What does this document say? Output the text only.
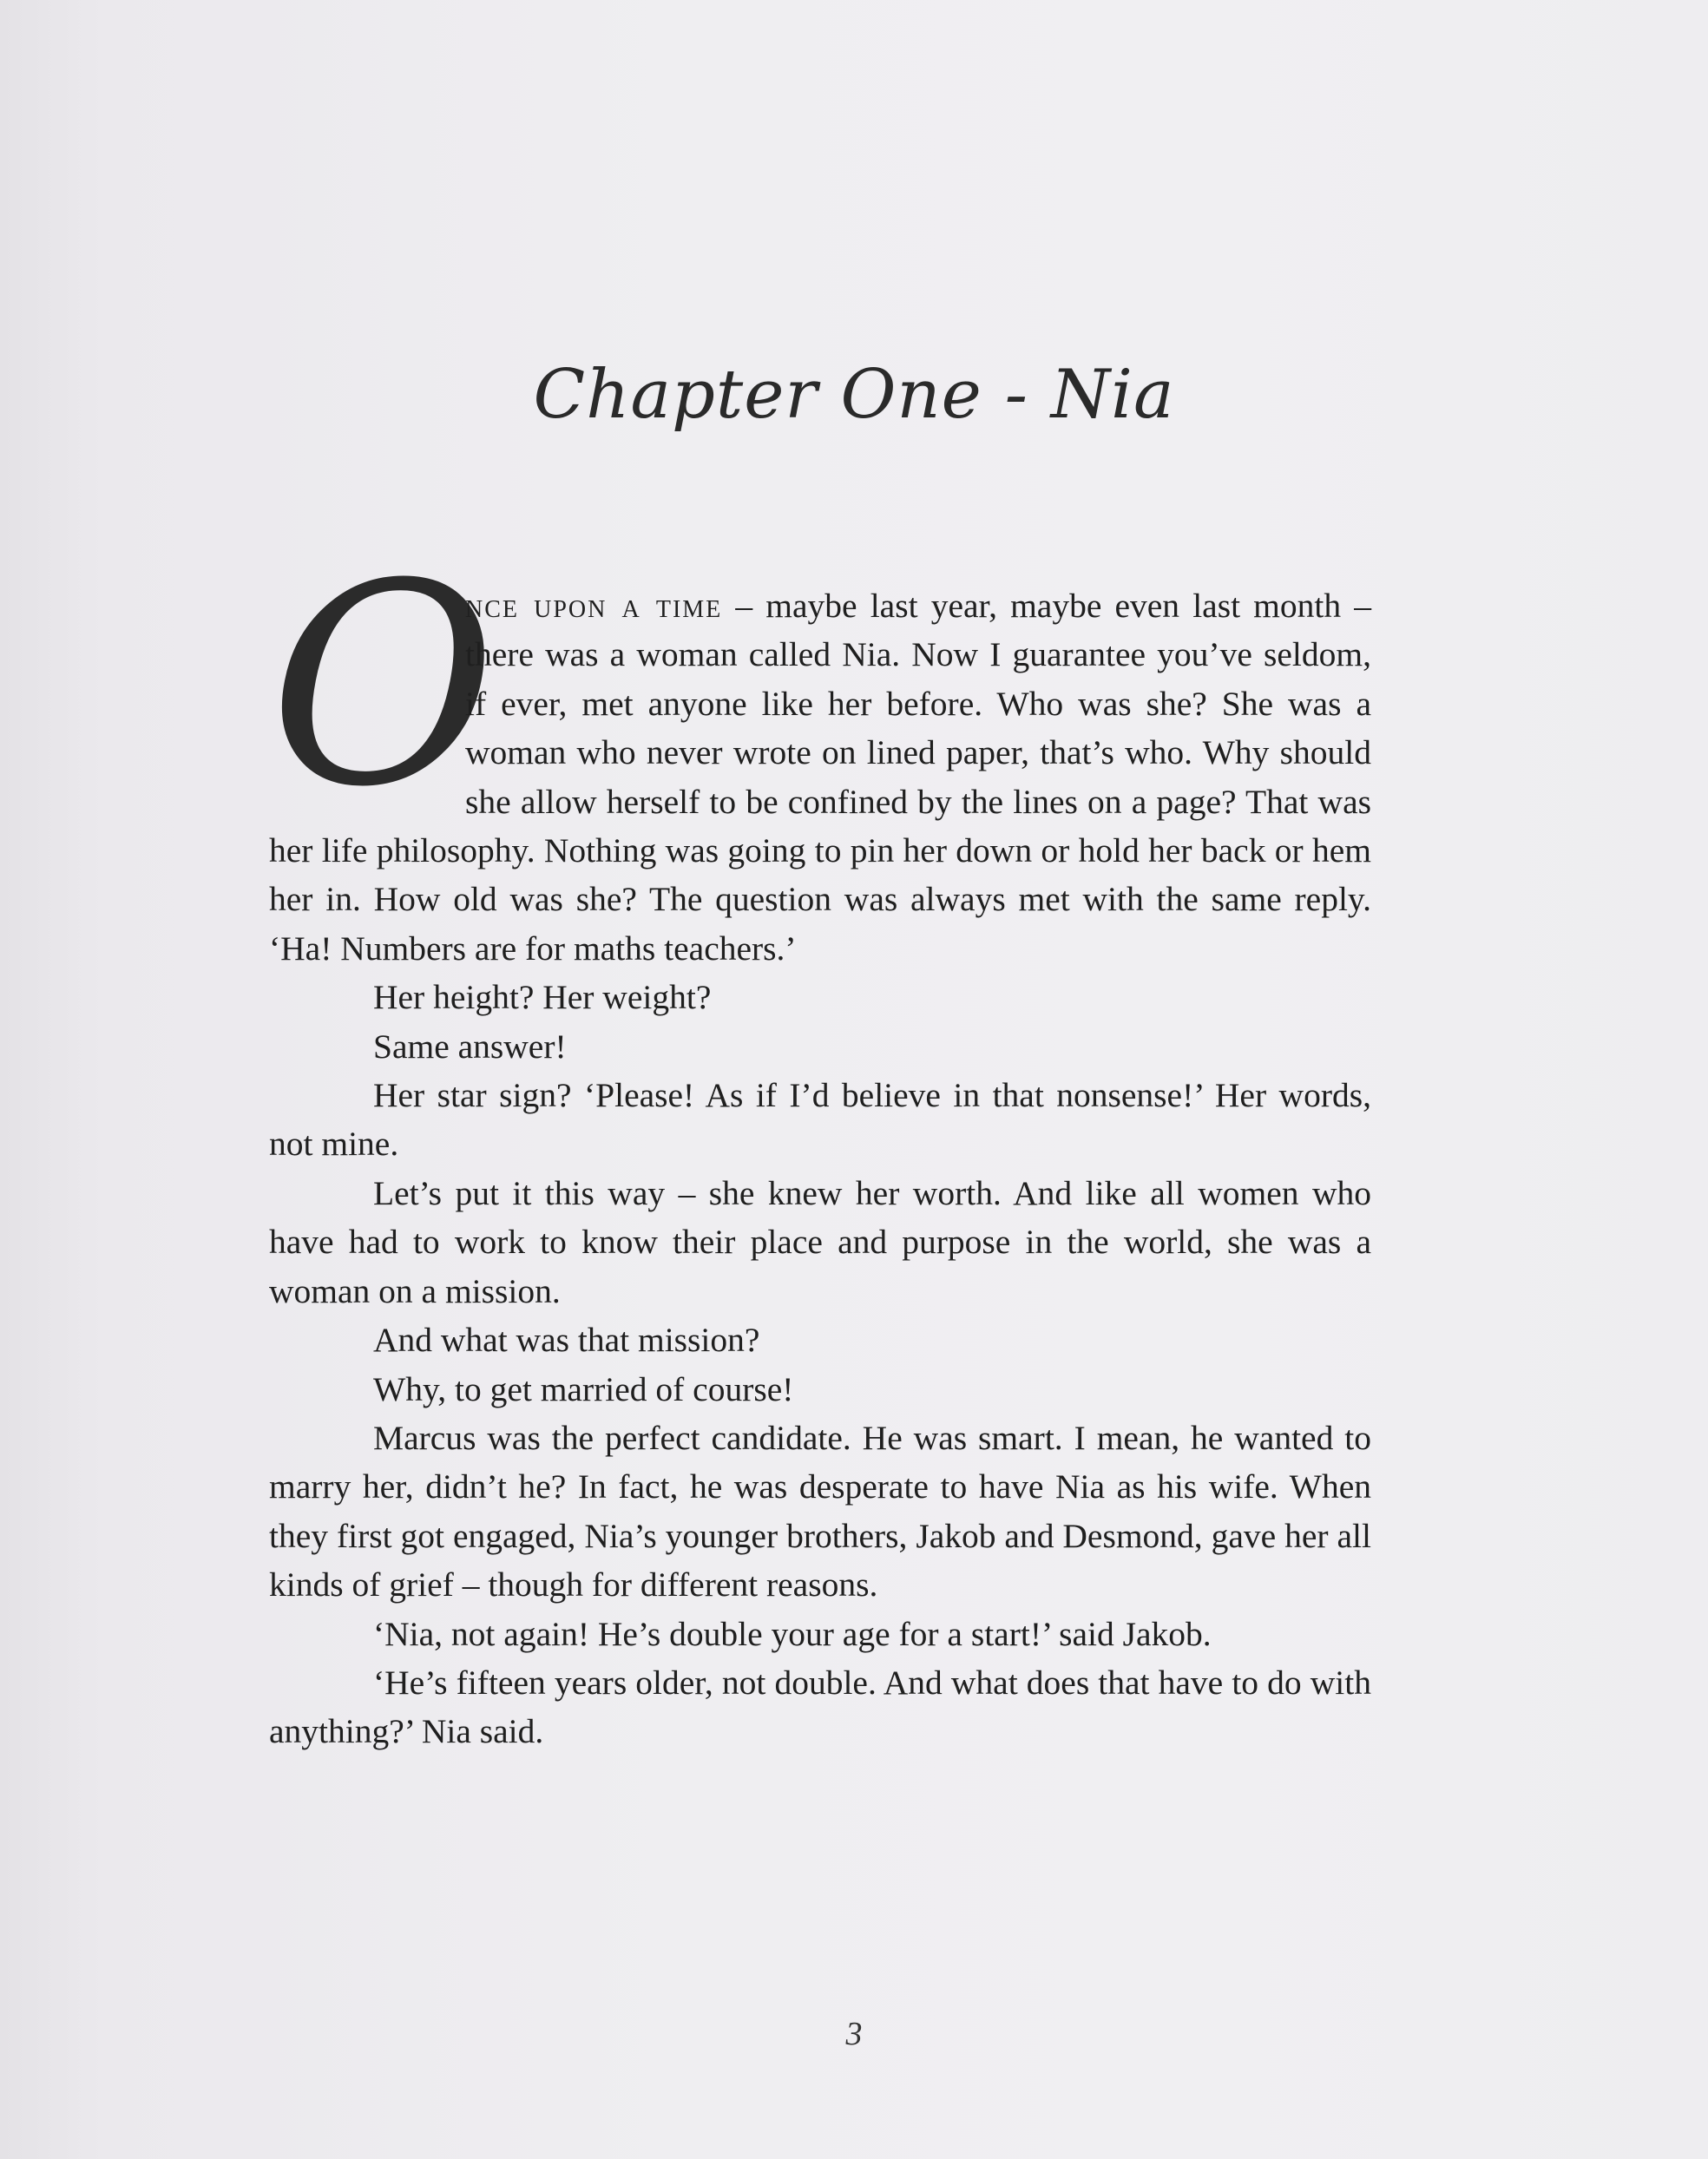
Chapter One - Nia

O
nce upon a time – maybe last year, maybe even last month – there was a woman called Nia. Now I guarantee you’ve seldom, if ever, met anyone like her before. Who was she? She was a woman who never wrote on lined paper, that’s who. Why should she allow herself to be confined by the lines on a page? That was her life philosophy. Nothing was going to pin her down or hold her back or hem her in. How old was she? The question was always met with the same reply. ‘Ha! Numbers are for maths teachers.’

Her height? Her weight?

Same answer!

Her star sign? ‘Please! As if I’d believe in that nonsense!’ Her words, not mine.

Let’s put it this way – she knew her worth. And like all women who have had to work to know their place and purpose in the world, she was a woman on a mission.

And what was that mission?

Why, to get married of course!

Marcus was the perfect candidate. He was smart. I mean, he wanted to marry her, didn’t he? In fact, he was desperate to have Nia as his wife. When they first got engaged, Nia’s younger brothers, Jakob and Desmond, gave her all kinds of grief – though for different reasons.

‘Nia, not again! He’s double your age for a start!’ said Jakob.

‘He’s fifteen years older, not double. And what does that have to do with anything?’ Nia said.

3
